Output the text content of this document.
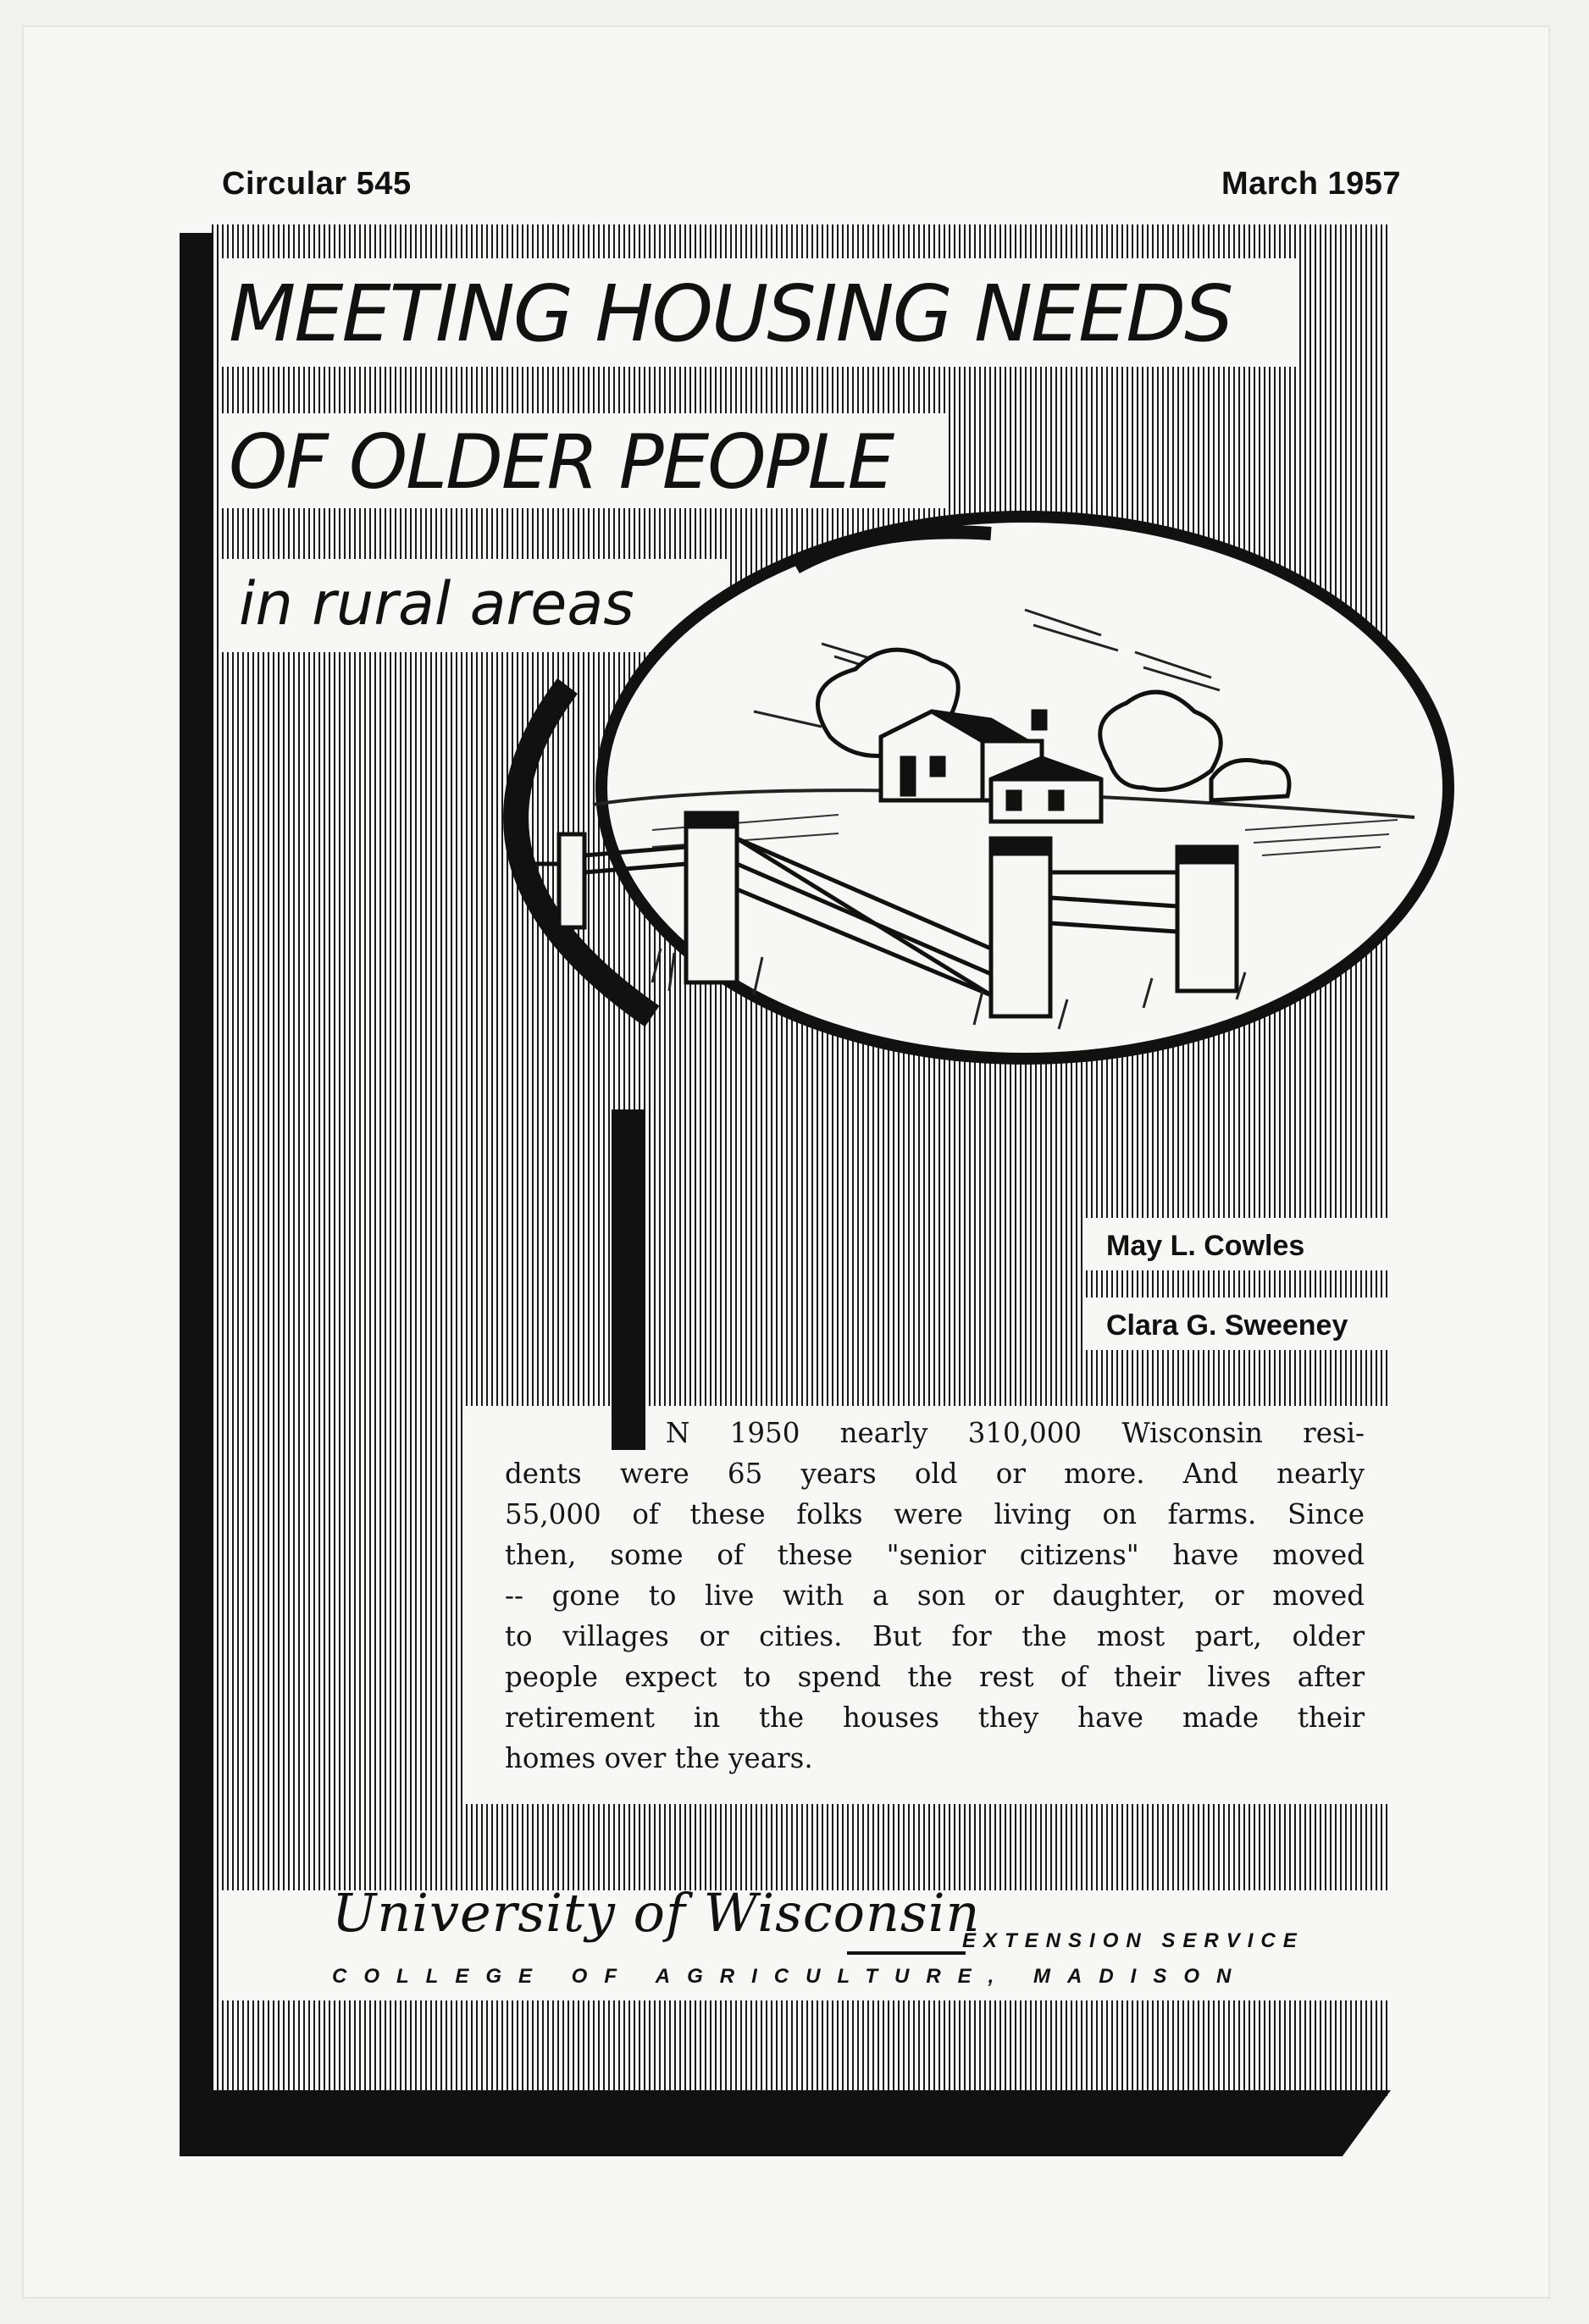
Circular 545	March 1957
MEETING HOUSING NEEDS
OF OLDER PEOPLE
in rural areas
May L. Cowles
Clara G. Sweeney
N 1950 nearly 310,000 Wisconsin resi-
dents were 65 years old or more. And nearly
55,000 of these folks were living on farms. Since
then, some of these "senior citizens" have moved
-- gone to live with a son or daughter, or moved
to villages or cities. But for the most part, older
people expect to spend the rest of their lives after
retirement in the houses they have made their
homes over the years.
University of Wisconsin
EXTENSION SERVICE
COLLEGE OF AGRICULTURE, MADISON
